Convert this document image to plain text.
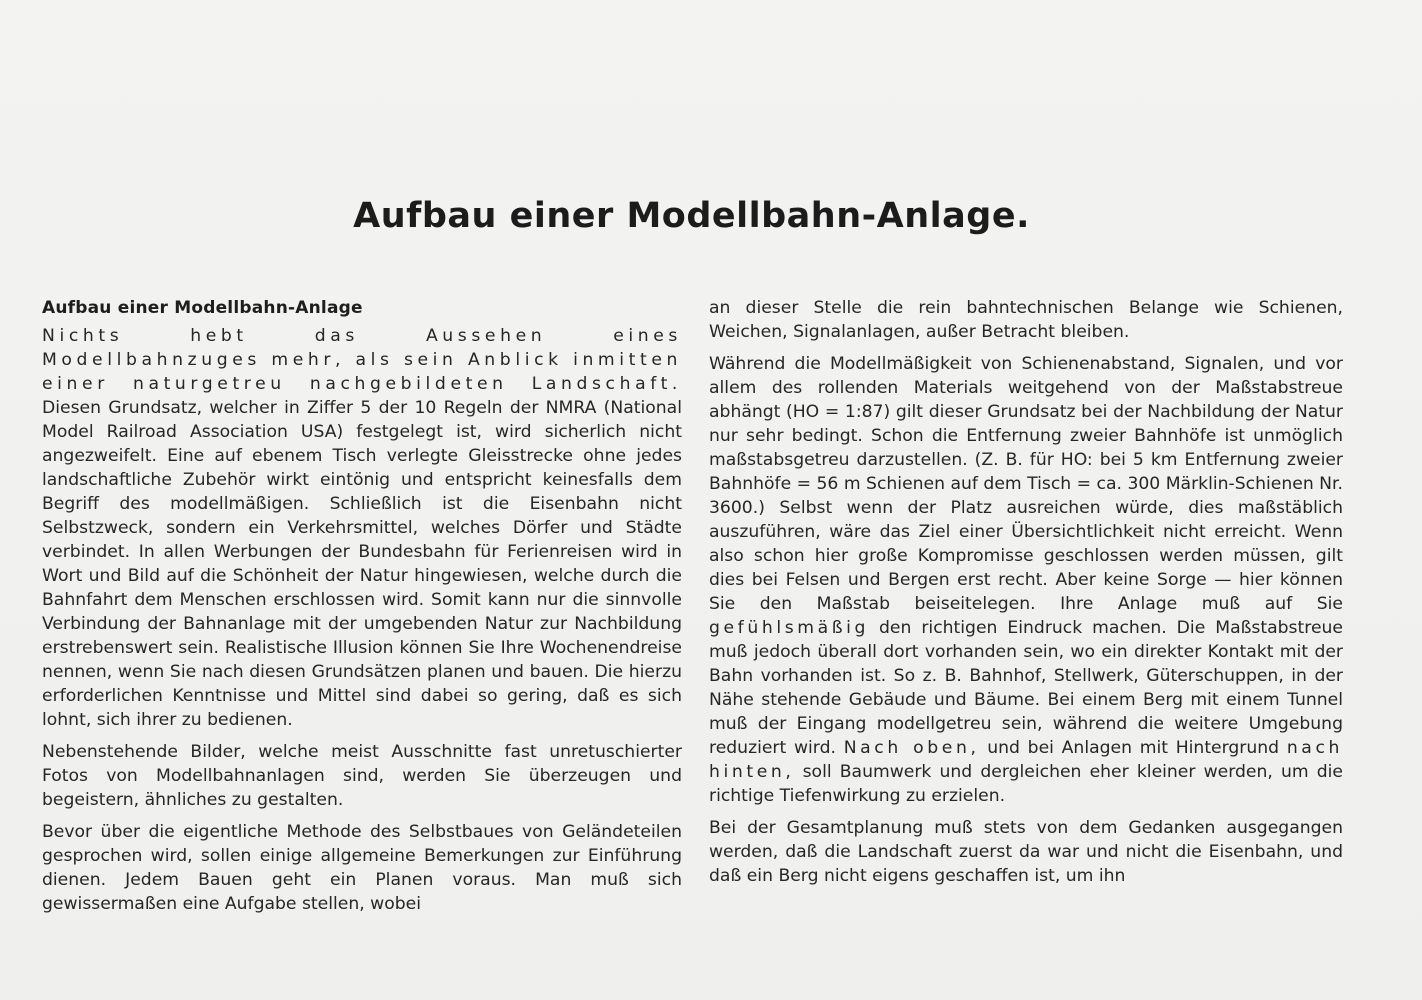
Aufbau einer Modellbahn-Anlage.
Aufbau einer Modellbahn-Anlage

Nichts hebt das Aussehen eines Modellbahnzuges mehr, als sein Anblick inmitten einer naturgetreu nachgebildeten Landschaft. Diesen Grundsatz, welcher in Ziffer 5 der 10 Regeln der NMRA (National Model Railroad Association USA) festgelegt ist, wird sicherlich nicht angezweifelt. Eine auf ebenem Tisch verlegte Gleisstrecke ohne jedes landschaftliche Zubehör wirkt eintönig und entspricht keinesfalls dem Begriff des modellmäßigen. Schließlich ist die Eisenbahn nicht Selbstzweck, sondern ein Verkehrsmittel, welches Dörfer und Städte verbindet. In allen Werbungen der Bundesbahn für Ferienreisen wird in Wort und Bild auf die Schönheit der Natur hingewiesen, welche durch die Bahnfahrt dem Menschen erschlossen wird. Somit kann nur die sinnvolle Verbindung der Bahnanlage mit der umgebenden Natur zur Nachbildung erstrebenswert sein. Realistische Illusion können Sie Ihre Wochenendreise nennen, wenn Sie nach diesen Grundsätzen planen und bauen. Die hierzu erforderlichen Kenntnisse und Mittel sind dabei so gering, daß es sich lohnt, sich ihrer zu bedienen.

Nebenstehende Bilder, welche meist Ausschnitte fast unretuschierter Fotos von Modellbahnanlagen sind, werden Sie überzeugen und begeistern, ähnliches zu gestalten.

Bevor über die eigentliche Methode des Selbstbaues von Geländeteilen gesprochen wird, sollen einige allgemeine Bemerkungen zur Einführung dienen. Jedem Bauen geht ein Planen voraus. Man muß sich gewissermaßen eine Aufgabe stellen, wobei

an dieser Stelle die rein bahntechnischen Belange wie Schienen, Weichen, Signalanlagen, außer Betracht bleiben.

Während die Modellmäßigkeit von Schienenabstand, Signalen, und vor allem des rollenden Materials weitgehend von der Maßstabstreue abhängt (HO = 1:87) gilt dieser Grundsatz bei der Nachbildung der Natur nur sehr bedingt. Schon die Entfernung zweier Bahnhöfe ist unmöglich maßstabsgetreu darzustellen. (Z. B. für HO: bei 5 km Entfernung zweier Bahnhöfe = 56 m Schienen auf dem Tisch = ca. 300 Märklin-Schienen Nr. 3600.) Selbst wenn der Platz ausreichen würde, dies maßstäblich auszuführen, wäre das Ziel einer Übersichtlichkeit nicht erreicht. Wenn also schon hier große Kompromisse geschlossen werden müssen, gilt dies bei Felsen und Bergen erst recht. Aber keine Sorge — hier können Sie den Maßstab beiseitelegen. Ihre Anlage muß auf Sie gefühlsmäßig den richtigen Eindruck machen. Die Maßstabstreue muß jedoch überall dort vorhanden sein, wo ein direkter Kontakt mit der Bahn vorhanden ist. So z. B. Bahnhof, Stellwerk, Güterschuppen, in der Nähe stehende Gebäude und Bäume. Bei einem Berg mit einem Tunnel muß der Eingang modellgetreu sein, während die weitere Umgebung reduziert wird. Nach oben, und bei Anlagen mit Hintergrund nach hinten, soll Baumwerk und dergleichen eher kleiner werden, um die richtige Tiefenwirkung zu erzielen.

Bei der Gesamtplanung muß stets von dem Gedanken ausgegangen werden, daß die Landschaft zuerst da war und nicht die Eisenbahn, und daß ein Berg nicht eigens geschaffen ist, um ihn
